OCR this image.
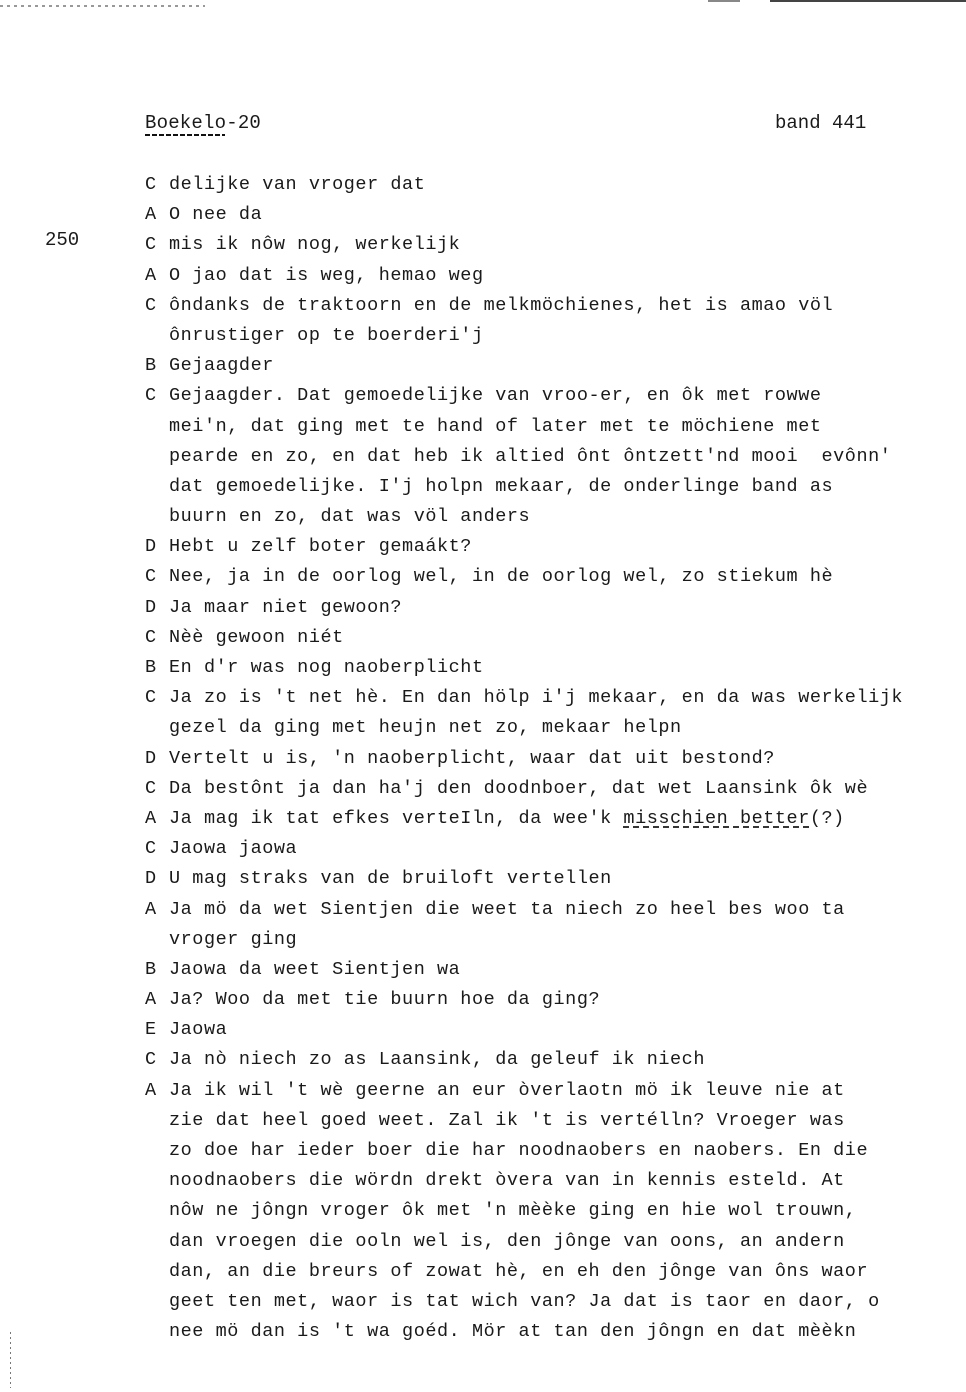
Boekelo-20	band 441
250
C delijke van vroger dat
A O nee da
C mis ik nôw nog, werkelijk
A O jao dat is weg, hemao weg
C ôndanks de traktoorn en de melkmöchienes, het is amao völ
ônrustiger op te boerderi'j
B Gejaagder
C Gejaagder. Dat gemoedelijke van vroo-er, en ôk met rowwe
mei'n, dat ging met te hand of later met te möchiene met
pearde en zo, en dat heb ik altied ônt ôntzett'nd mooi  evônn'
dat gemoedelijke. I'j holpn mekaar, de onderlinge band as
buurn en zo, dat was völ anders
D Hebt u zelf boter gemaákt?
C Nee, ja in de oorlog wel, in de oorlog wel, zo stiekum hè
D Ja maar niet gewoon?
C Nèè gewoon niét
B En d'r was nog naoberplicht
C Ja zo is 't net hè. En dan hölp i'j mekaar, en da was werkelijk
gezel da ging met heujn net zo, mekaar helpn
D Vertelt u is, 'n naoberplicht, waar dat uit bestond?
C Da bestônt ja dan ha'j den doodnboer, dat wet Laansink ôk wè
A Ja mag ik tat efkes verteIln, da wee'k misschien better(?)
C Jaowa jaowa
D U mag straks van de bruiloft vertellen
A Ja mö da wet Sientjen die weet ta niech zo heel bes woo ta
vroger ging
B Jaowa da weet Sientjen wa
A Ja? Woo da met tie buurn hoe da ging?
E Jaowa
C Ja nò niech zo as Laansink, da geleuf ik niech
A Ja ik wil 't wè geerne an eur òverlaotn mö ik leuve nie at
zie dat heel goed weet. Zal ik 't is vertélln? Vroeger was
zo doe har ieder boer die har noodnaobers en naobers. En die
noodnaobers die wördn drekt òvera van in kennis esteld. At
nôw ne jôngn vroger ôk met 'n mèèke ging en hie wol trouwn,
dan vroegen die ooln wel is, den jônge van oons, an andern
dan, an die breurs of zowat hè, en eh den jônge van ôns waor
geet ten met, waor is tat wich van? Ja dat is taor en daor, o
nee mö dan is 't wa goéd. Mör at tan den jôngn en dat mèèkn
